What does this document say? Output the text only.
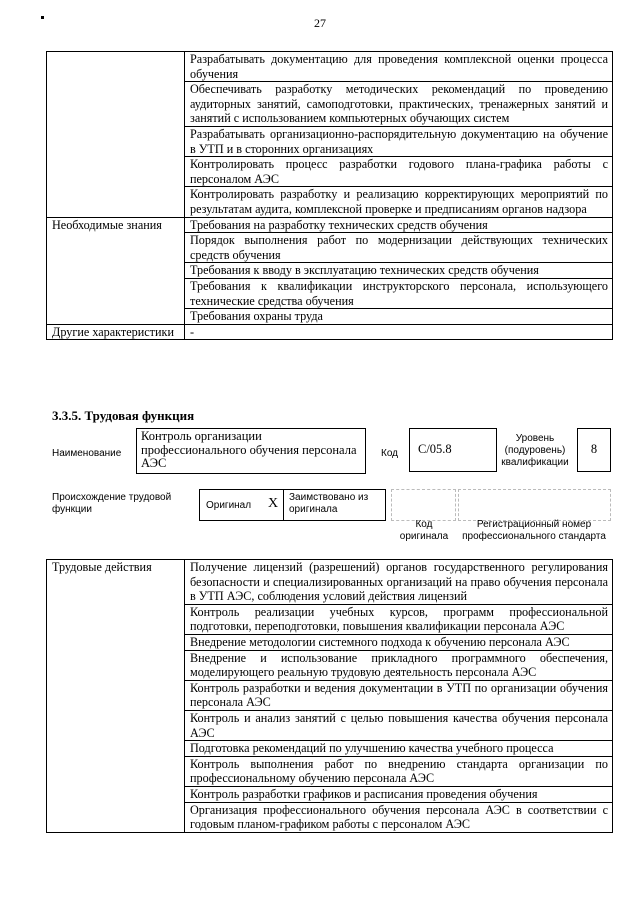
27
	Разрабатывать документацию для проведения комплексной оценки процесса обучения
	Обеспечивать разработку методических рекомендаций по проведению аудиторных занятий, самоподготовки, практических, тренажерных занятий и занятий с использованием компьютерных обучающих систем
	Разрабатывать организационно-распорядительную документацию на обучение в УТП и в сторонних организациях
	Контролировать процесс разработки годового плана-графика работы с персоналом АЭС
	Контролировать разработку и реализацию корректирующих мероприятий по результатам аудита, комплексной проверке и предписаниям органов надзора
Необходимые знания	Требования на разработку технических средств обучения
	Порядок выполнения работ по модернизации действующих технических средств обучения
	Требования к вводу в эксплуатацию технических средств обучения
	Требования к квалификации инструкторского персонала, использующего технические средства обучения
	Требования охраны труда
Другие характеристики	-
3.3.5. Трудовая функция
Наименование
Контроль организации профессионального обучения персонала АЭС
Код	С/05.8
Уровень (подуровень) квалификации
8
Происхождение трудовой функции	Оригинал X Заимствовано из оригинала
Код оригинала
Регистрационный номер профессионального стандарта
Трудовые действия	Получение лицензий (разрешений) органов государственного регулирования безопасности и специализированных организаций на право обучения персонала в УТП АЭС, соблюдения условий действия лицензий
Контроль реализации учебных курсов, программ профессиональной подготовки, переподготовки, повышения квалификации персонала АЭС
Внедрение методологии системного подхода к обучению персонала АЭС
Внедрение и использование прикладного программного обеспечения, моделирующего реальную трудовую деятельность персонала АЭС
Контроль разработки и ведения документации в УТП по организации обучения персонала АЭС
Контроль и анализ занятий с целью повышения качества обучения персонала АЭС
Подготовка рекомендаций по улучшению качества учебного процесса
Контроль выполнения работ по внедрению стандарта организации по профессиональному обучению персонала АЭС
Контроль разработки графиков и расписания проведения обучения
Организация профессионального обучения персонала АЭС в соответствии с годовым планом-графиком работы с персоналом АЭС
